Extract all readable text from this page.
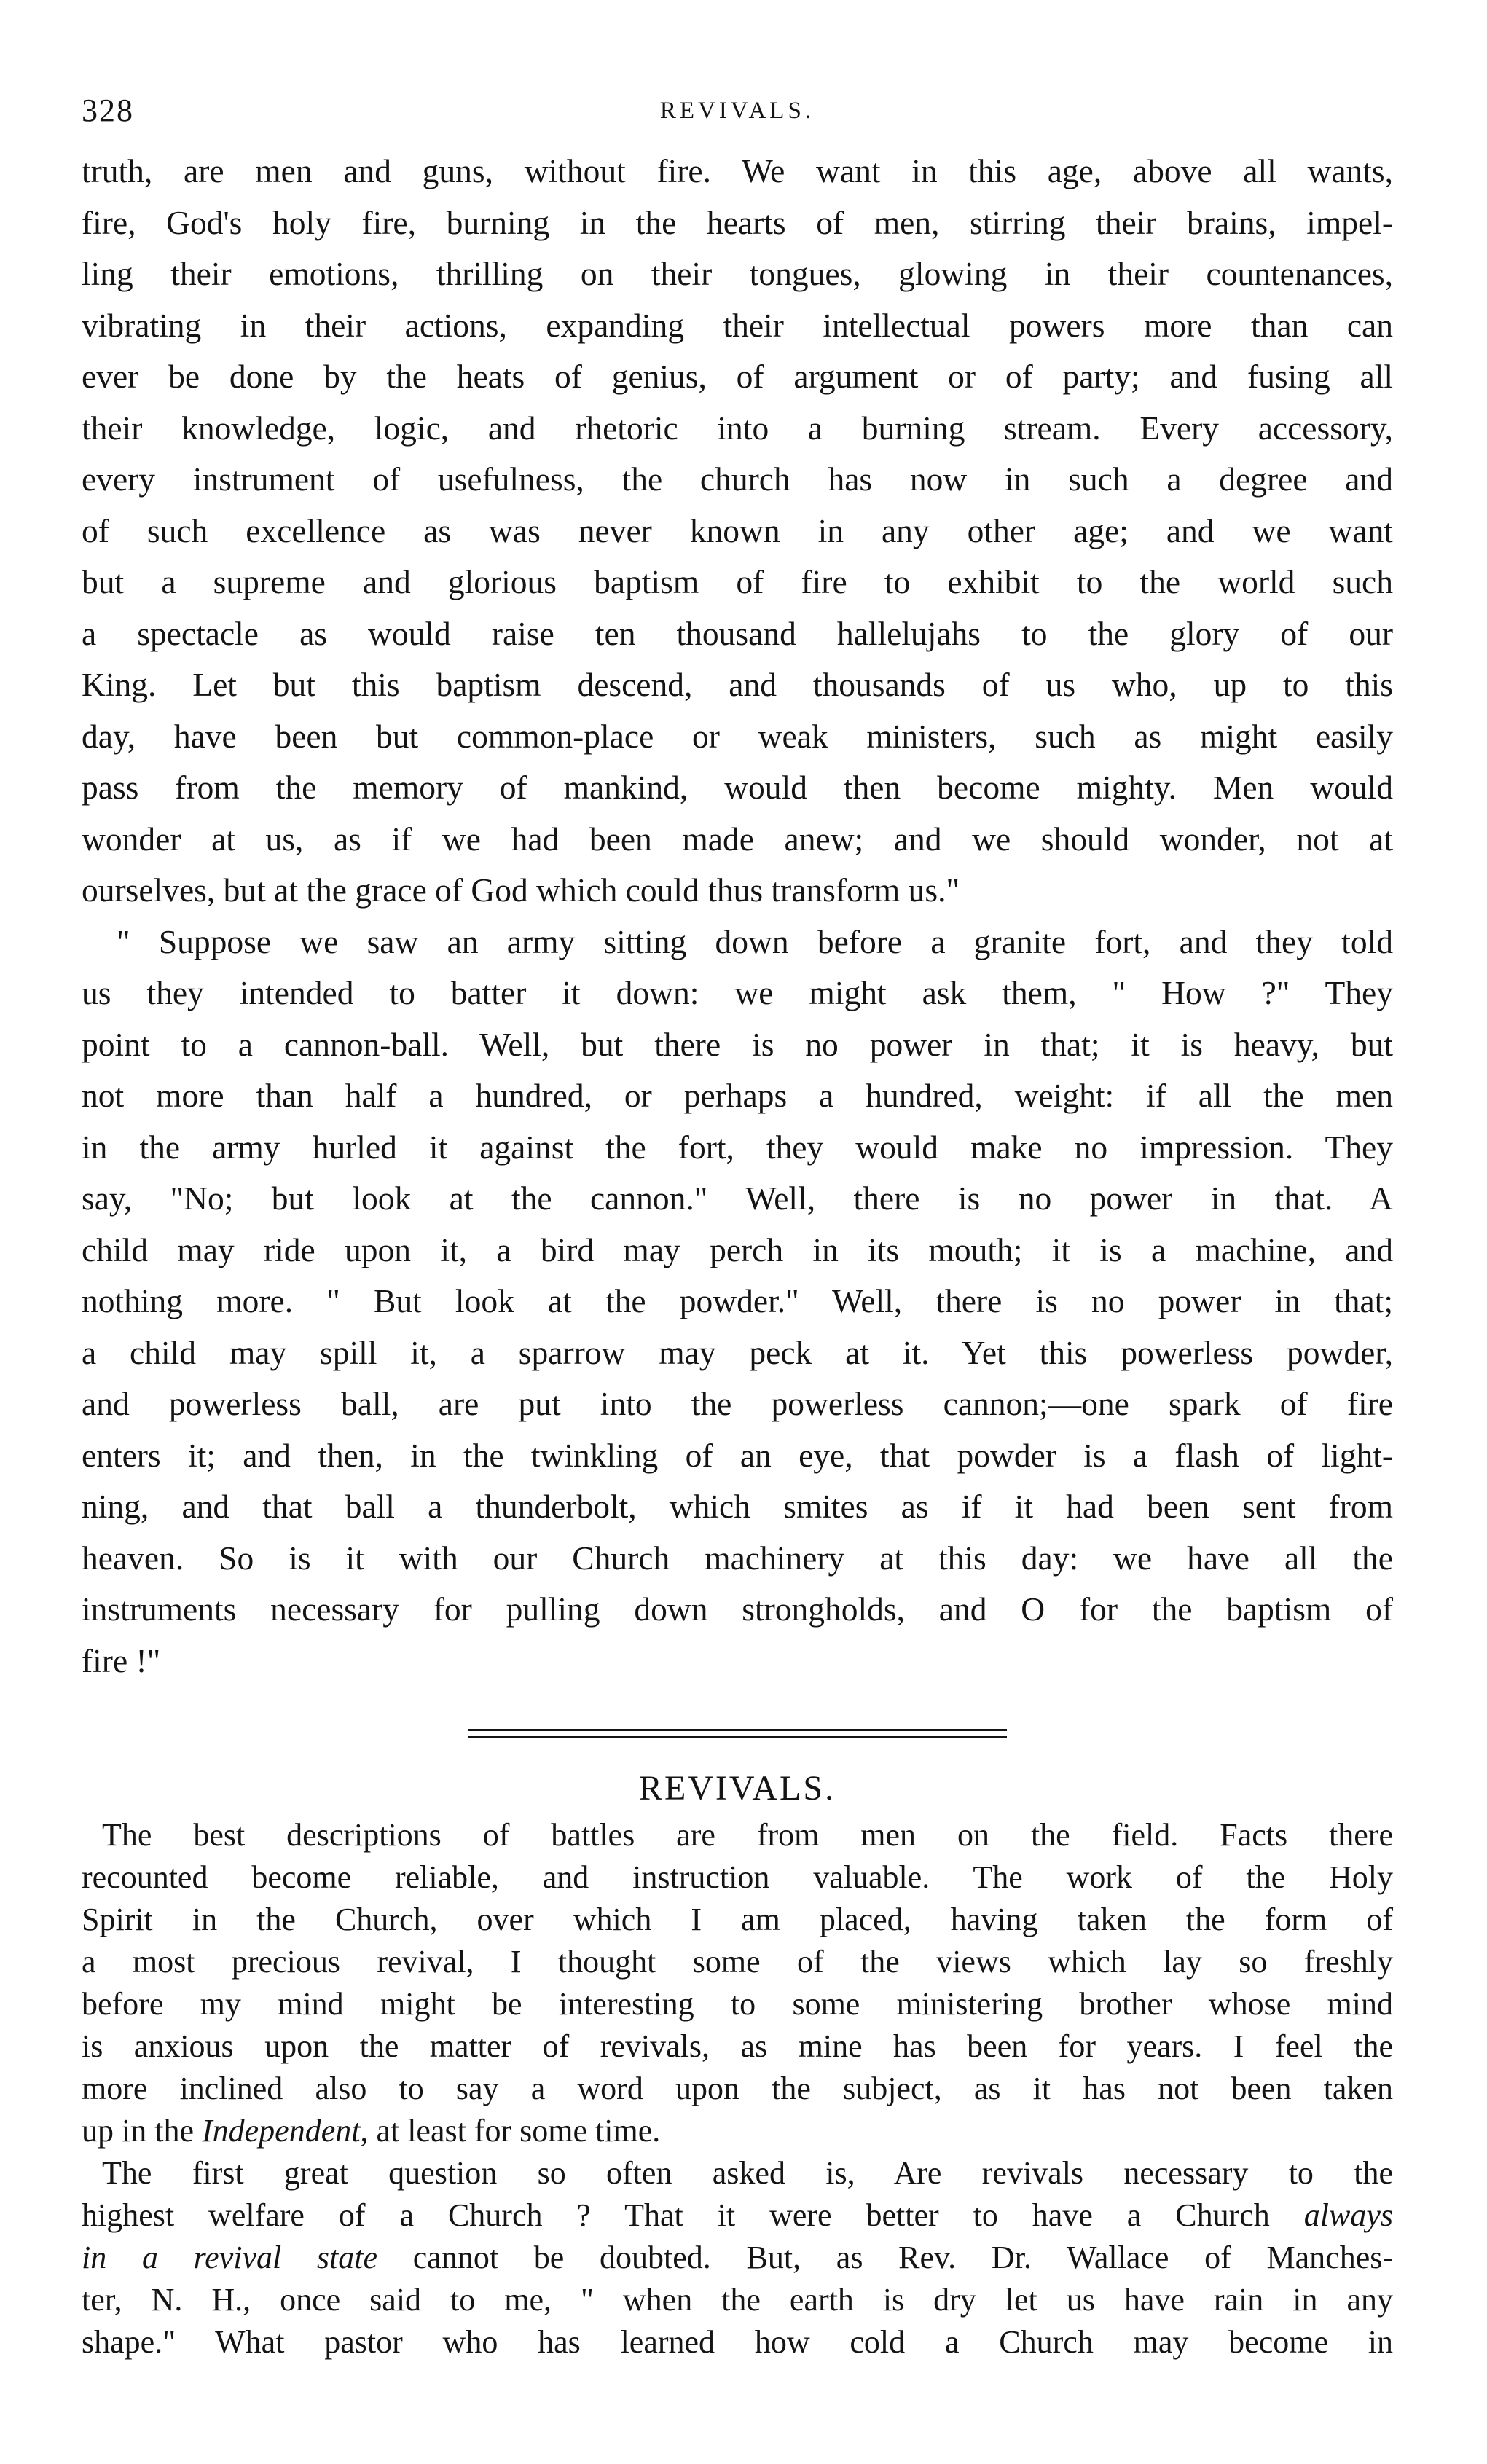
328	REVIVALS.

truth, are men and guns, without fire. We want in this age, above all wants,
fire, God's holy fire, burning in the hearts of men, stirring their brains, impel-
ling their emotions, thrilling on their tongues, glowing in their countenances,
vibrating in their actions, expanding their intellectual powers more than can
ever be done by the heats of genius, of argument or of party; and fusing all
their knowledge, logic, and rhetoric into a burning stream. Every accessory,
every instrument of usefulness, the church has now in such a degree and
of such excellence as was never known in any other age; and we want
but a supreme and glorious baptism of fire to exhibit to the world such
a spectacle as would raise ten thousand hallelujahs to the glory of our
King. Let but this baptism descend, and thousands of us who, up to this
day, have been but common-place or weak ministers, such as might easily
pass from the memory of mankind, would then become mighty. Men would
wonder at us, as if we had been made anew; and we should wonder, not at
ourselves, but at the grace of God which could thus transform us."

" Suppose we saw an army sitting down before a granite fort, and they told
us they intended to batter it down: we might ask them, " How ?" They
point to a cannon-ball. Well, but there is no power in that; it is heavy, but
not more than half a hundred, or perhaps a hundred, weight: if all the men
in the army hurled it against the fort, they would make no impression. They
say, "No; but look at the cannon." Well, there is no power in that. A
child may ride upon it, a bird may perch in its mouth; it is a machine, and
nothing more. " But look at the powder." Well, there is no power in that;
a child may spill it, a sparrow may peck at it. Yet this powerless powder,
and powerless ball, are put into the powerless cannon;—one spark of fire
enters it; and then, in the twinkling of an eye, that powder is a flash of light-
ning, and that ball a thunderbolt, which smites as if it had been sent from
heaven. So is it with our Church machinery at this day: we have all the
instruments necessary for pulling down strongholds, and O for the baptism of
fire !"

REVIVALS.

The best descriptions of battles are from men on the field. Facts there
recounted become reliable, and instruction valuable. The work of the Holy
Spirit in the Church, over which I am placed, having taken the form of
a most precious revival, I thought some of the views which lay so freshly
before my mind might be interesting to some ministering brother whose mind
is anxious upon the matter of revivals, as mine has been for years. I feel the
more inclined also to say a word upon the subject, as it has not been taken
up in the Independent, at least for some time.

The first great question so often asked is, Are revivals necessary to the
highest welfare of a Church ? That it were better to have a Church always
in a revival state cannot be doubted. But, as Rev. Dr. Wallace of Manches-
ter, N. H., once said to me, " when the earth is dry let us have rain in any
shape." What pastor who has learned how cold a Church may become in
